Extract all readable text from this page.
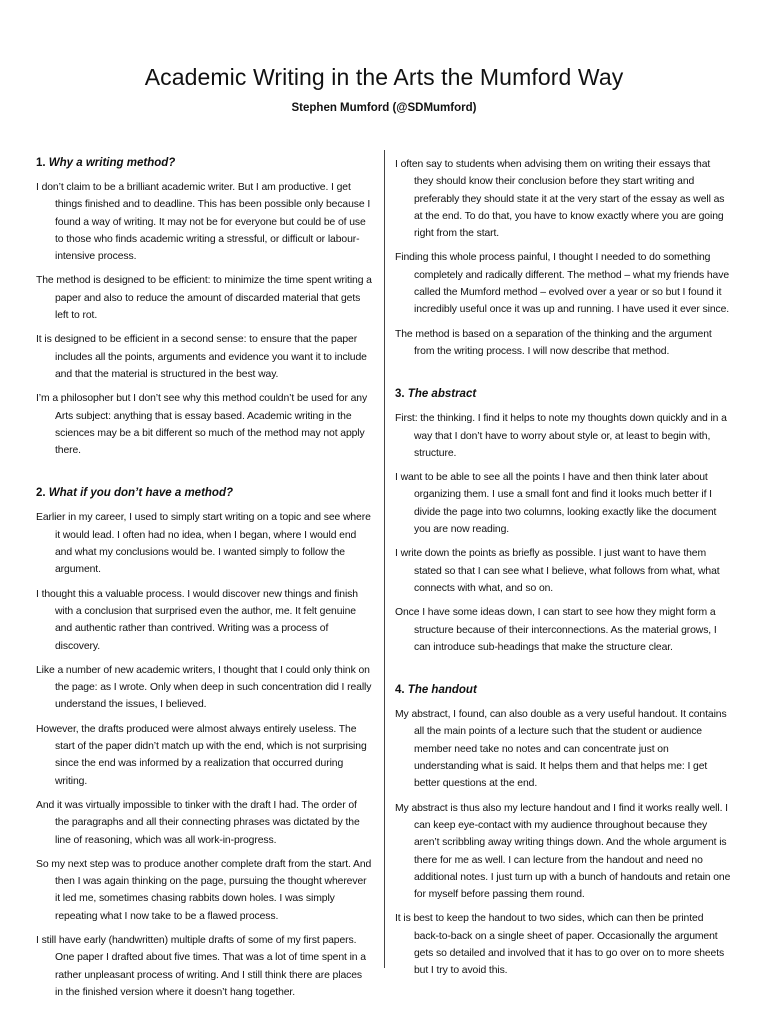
Academic Writing in the Arts the Mumford Way
Stephen Mumford (@SDMumford)
1. Why a writing method?

I don’t claim to be a brilliant academic writer. But I am productive. I get things finished and to deadline. This has been possible only because I found a way of writing. It may not be for everyone but could be of use to those who finds academic writing a stressful, or difficult or labour-intensive process.

The method is designed to be efficient: to minimize the time spent writing a paper and also to reduce the amount of discarded material that gets left to rot.

It is designed to be efficient in a second sense: to ensure that the paper includes all the points, arguments and evidence you want it to include and that the material is structured in the best way.

I’m a philosopher but I don’t see why this method couldn’t be used for any Arts subject: anything that is essay based. Academic writing in the sciences may be a bit different so much of the method may not apply there.

2. What if you don’t have a method?

Earlier in my career, I used to simply start writing on a topic and see where it would lead. I often had no idea, when I began, where I would end and what my conclusions would be. I wanted simply to follow the argument.

I thought this a valuable process. I would discover new things and finish with a conclusion that surprised even the author, me. It felt genuine and authentic rather than contrived. Writing was a process of discovery.

Like a number of new academic writers, I thought that I could only think on the page: as I wrote. Only when deep in such concentration did I really understand the issues, I believed.

However, the drafts produced were almost always entirely useless. The start of the paper didn’t match up with the end, which is not surprising since the end was informed by a realization that occurred during writing.

And it was virtually impossible to tinker with the draft I had. The order of the paragraphs and all their connecting phrases was dictated by the line of reasoning, which was all work-in-progress.

So my next step was to produce another complete draft from the start. And then I was again thinking on the page, pursuing the thought wherever it led me, sometimes chasing rabbits down holes. I was simply repeating what I now take to be a flawed process.

I still have early (handwritten) multiple drafts of some of my first papers. One paper I drafted about five times. That was a lot of time spent in a rather unpleasant process of writing. And I still think there are places in the finished version where it doesn’t hang together.

I often say to students when advising them on writing their essays that they should know their conclusion before they start writing and preferably they should state it at the very start of the essay as well as at the end. To do that, you have to know exactly where you are going right from the start.

Finding this whole process painful, I thought I needed to do something completely and radically different. The method – what my friends have called the Mumford method – evolved over a year or so but I found it incredibly useful once it was up and running. I have used it ever since.

The method is based on a separation of the thinking and the argument from the writing process. I will now describe that method.

3. The abstract

First: the thinking. I find it helps to note my thoughts down quickly and in a way that I don’t have to worry about style or, at least to begin with, structure.

I want to be able to see all the points I have and then think later about organizing them. I use a small font and find it looks much better if I divide the page into two columns, looking exactly like the document you are now reading.

I write down the points as briefly as possible. I just want to have them stated so that I can see what I believe, what follows from what, what connects with what, and so on.

Once I have some ideas down, I can start to see how they might form a structure because of their interconnections. As the material grows, I can introduce sub-headings that make the structure clear.

4. The handout

My abstract, I found, can also double as a very useful handout. It contains all the main points of a lecture such that the student or audience member need take no notes and can concentrate just on understanding what is said. It helps them and that helps me: I get better questions at the end.

My abstract is thus also my lecture handout and I find it works really well. I can keep eye-contact with my audience throughout because they aren’t scribbling away writing things down. And the whole argument is there for me as well. I can lecture from the handout and need no additional notes. I just turn up with a bunch of handouts and retain one for myself before passing them round.

It is best to keep the handout to two sides, which can then be printed back-to-back on a single sheet of paper. Occasionally the argument gets so detailed and involved that it has to go over on to more sheets but I try to avoid this.
